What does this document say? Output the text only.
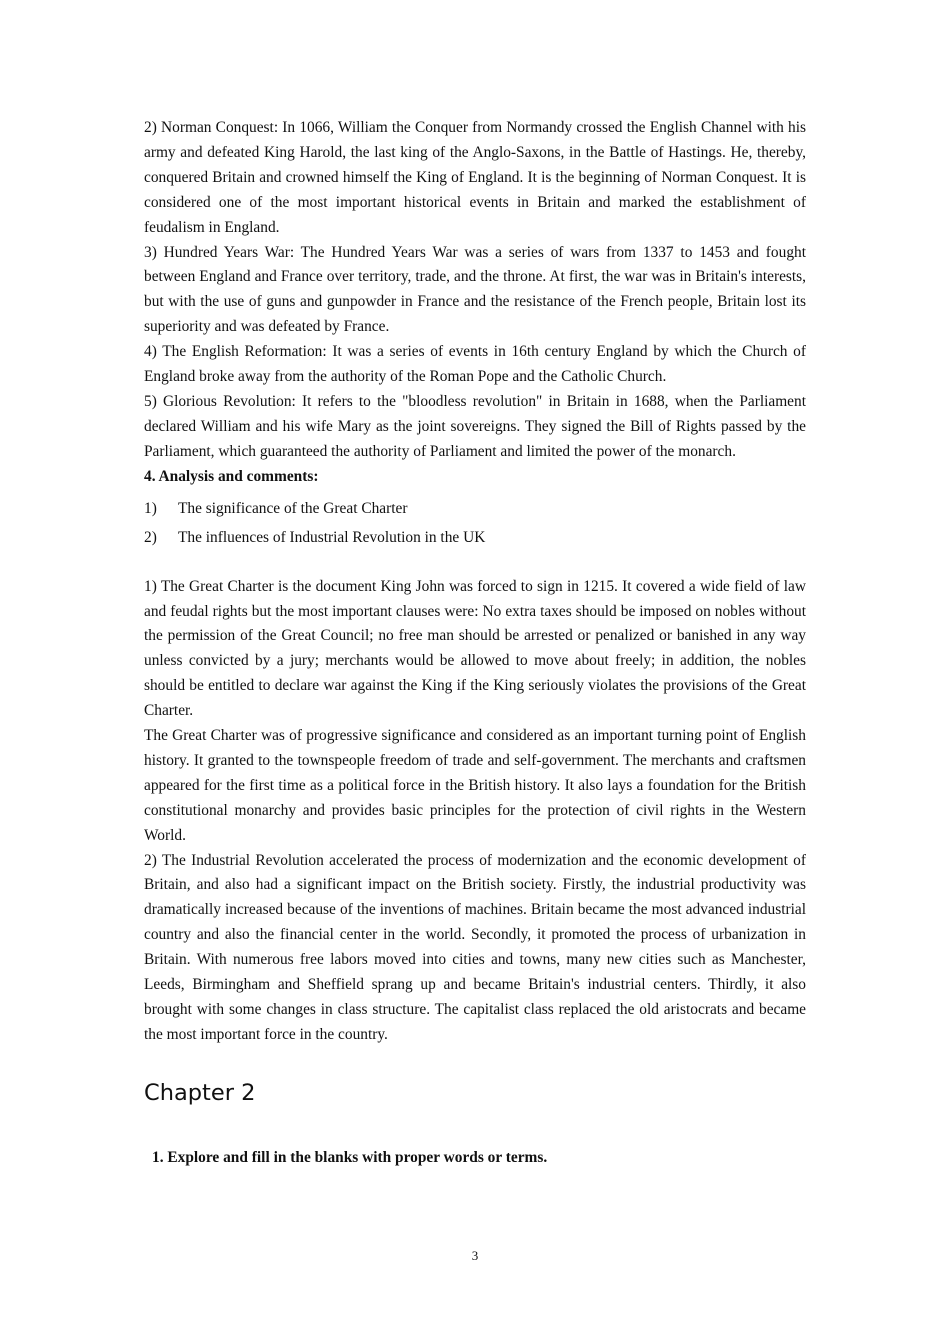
2) Norman Conquest: In 1066, William the Conquer from Normandy crossed the English Channel with his army and defeated King Harold, the last king of the Anglo-Saxons, in the Battle of Hastings. He, thereby, conquered Britain and crowned himself the King of England. It is the beginning of Norman Conquest. It is considered one of the most important historical events in Britain and marked the establishment of feudalism in England.

3) Hundred Years War: The Hundred Years War was a series of wars from 1337 to 1453 and fought between England and France over territory, trade, and the throne. At first, the war was in Britain's interests, but with the use of guns and gunpowder in France and the resistance of the French people, Britain lost its superiority and was defeated by France.

4) The English Reformation: It was a series of events in 16th century England by which the Church of England broke away from the authority of the Roman Pope and the Catholic Church.

5) Glorious Revolution: It refers to the "bloodless revolution" in Britain in 1688, when the Parliament declared William and his wife Mary as the joint sovereigns. They signed the Bill of Rights passed by the Parliament, which guaranteed the authority of Parliament and limited the power of the monarch.

4. Analysis and comments:

1)	The significance of the Great Charter
2)	The influences of Industrial Revolution in the UK

1) The Great Charter is the document King John was forced to sign in 1215. It covered a wide field of law and feudal rights but the most important clauses were: No extra taxes should be imposed on nobles without the permission of the Great Council; no free man should be arrested or penalized or banished in any way unless convicted by a jury; merchants would be allowed to move about freely; in addition, the nobles should be entitled to declare war against the King if the King seriously violates the provisions of the Great Charter.

The Great Charter was of progressive significance and considered as an important turning point of English history. It granted to the townspeople freedom of trade and self-government. The merchants and craftsmen appeared for the first time as a political force in the British history. It also lays a foundation for the British constitutional monarchy and provides basic principles for the protection of civil rights in the Western World.

2) The Industrial Revolution accelerated the process of modernization and the economic development of Britain, and also had a significant impact on the British society. Firstly, the industrial productivity was dramatically increased because of the inventions of machines. Britain became the most advanced industrial country and also the financial center in the world. Secondly, it promoted the process of urbanization in Britain. With numerous free labors moved into cities and towns, many new cities such as Manchester, Leeds, Birmingham and Sheffield sprang up and became Britain's industrial centers. Thirdly, it also brought with some changes in class structure. The capitalist class replaced the old aristocrats and became the most important force in the country.

Chapter 2

1. Explore and fill in the blanks with proper words or terms.

3
